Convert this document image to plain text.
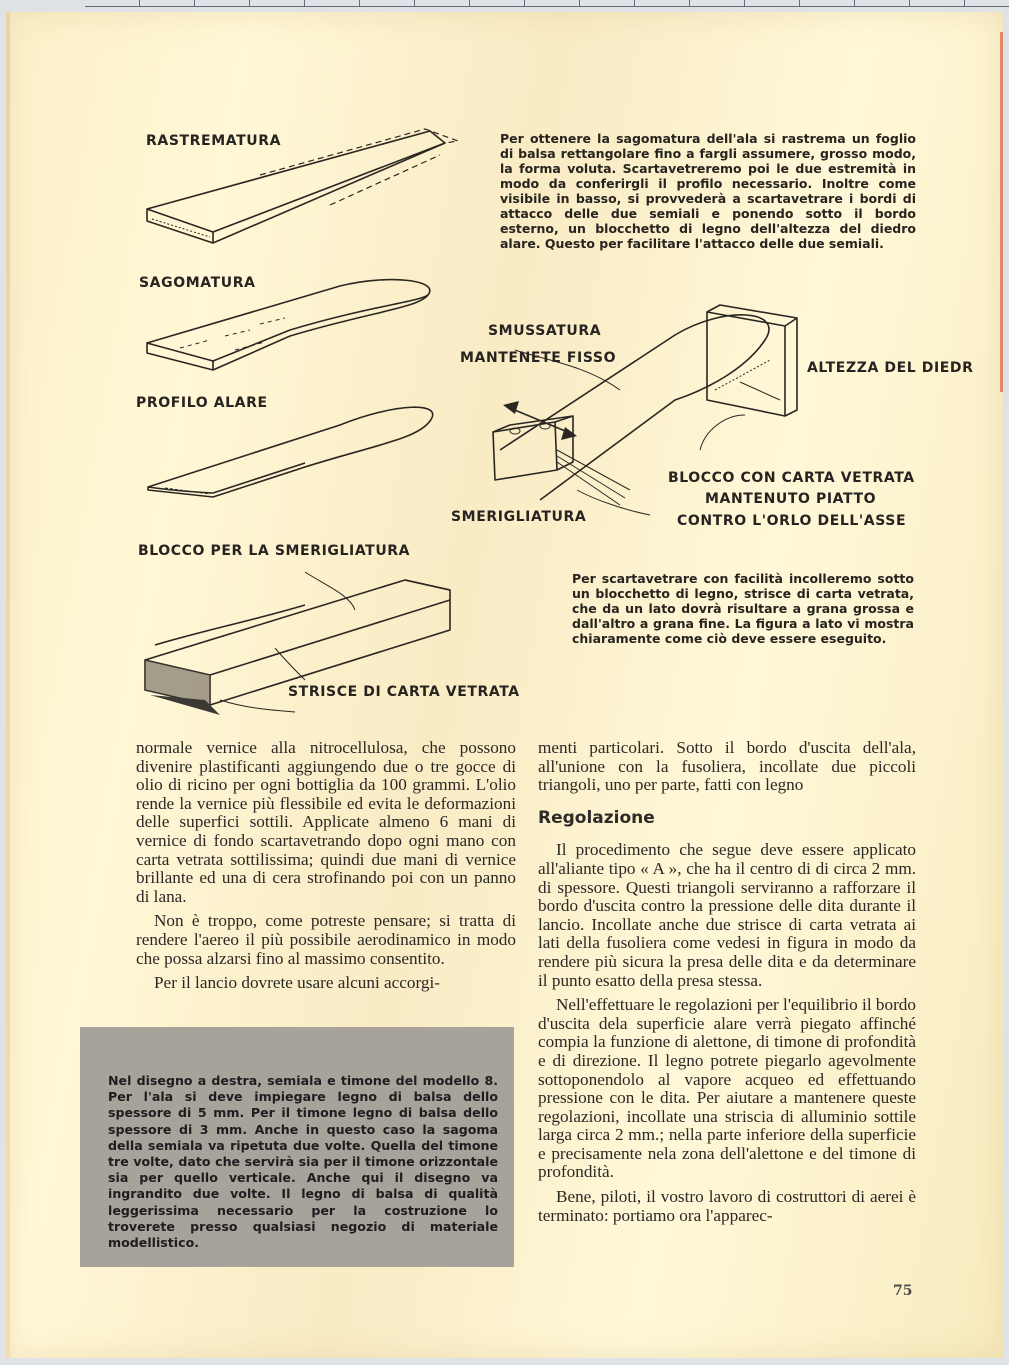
RASTREMATURA
SAGOMATURA
PROFILO ALARE
Per ottenere la sagomatura dell'ala si rastrema un foglio di balsa rettangolare fino a fargli assumere, grosso modo, la forma voluta. Scartavetreremo poi le due estremità in modo da conferirgli il profilo necessario. Inoltre come visibile in basso, si provvederà a scartavetrare i bordi di attacco delle due semiali e ponendo sotto il bordo esterno, un blocchetto di legno dell'altezza del diedro alare. Questo per facilitare l'attacco delle due semiali.
SMUSSATURA
MANTENETE FISSO
ALTEZZA DEL DIEDR
BLOCCO CON CARTA VETRATA
MANTENUTO PIATTO
CONTRO L'ORLO DELL'ASSE
SMERIGLIATURA
BLOCCO PER LA SMERIGLIATURA
STRISCE DI CARTA VETRATA
Per scartavetrare con facilità incolleremo sotto un blocchetto di legno, strisce di carta vetrata, che da un lato dovrà risultare a grana grossa e dall'altro a grana fine. La figura a lato vi mostra chiaramente come ciò deve essere eseguito.

normale vernice alla nitrocellulosa, che possono divenire plastificanti aggiungendo due o tre gocce di olio di ricino per ogni bottiglia da 100 grammi. L'olio rende la vernice più flessibile ed evita le deformazioni delle superfici sottili. Applicate almeno 6 mani di vernice di fondo scartavetrando dopo ogni mano con carta vetrata sottilissima; quindi due mani di vernice brillante ed una di cera strofinando poi con un panno di lana.

Non è troppo, come potreste pensare; si tratta di rendere l'aereo il più possibile aerodinamico in modo che possa alzarsi fino al massimo consentito.

Per il lancio dovrete usare alcuni accorgi-

Nel disegno a destra, semiala e timone del modello 8. Per l'ala si deve impiegare legno di balsa dello spessore di 5 mm. Per il timone legno di balsa dello spessore di 3 mm. Anche in questo caso la sagoma della semiala va ripetuta due volte. Quella del timone tre volte, dato che servirà sia per il timone orizzontale sia per quello verticale. Anche qui il disegno va ingrandito due volte. Il legno di balsa di qualità leggerissima necessario per la costruzione lo troverete presso qualsiasi negozio di materiale modellistico.

menti particolari. Sotto il bordo d'uscita dell'ala, all'unione con la fusoliera, incollate due piccoli triangoli, uno per parte, fatti con legno

Regolazione

Il procedimento che segue deve essere applicato all'aliante tipo « A », che ha il centro di di circa 2 mm. di spessore. Questi triangoli serviranno a rafforzare il bordo d'uscita contro la pressione delle dita durante il lancio. Incollate anche due strisce di carta vetrata ai lati della fusoliera come vedesi in figura in modo da rendere più sicura la presa delle dita e da determinare il punto esatto della presa stessa.

Nell'effettuare le regolazioni per l'equilibrio il bordo d'uscita dela superficie alare verrà piegato affinché compia la funzione di alettone, di timone di profondità e di direzione. Il legno potrete piegarlo agevolmente sottoponendolo al vapore acqueo ed effettuando pressione con le dita. Per aiutare a mantenere queste regolazioni, incollate una striscia di alluminio sottile larga circa 2 mm.; nella parte inferiore della superficie e precisamente nela zona dell'alettone e del timone di profondità.

Bene, piloti, il vostro lavoro di costruttori di aerei è terminato: portiamo ora l'apparec-

75
